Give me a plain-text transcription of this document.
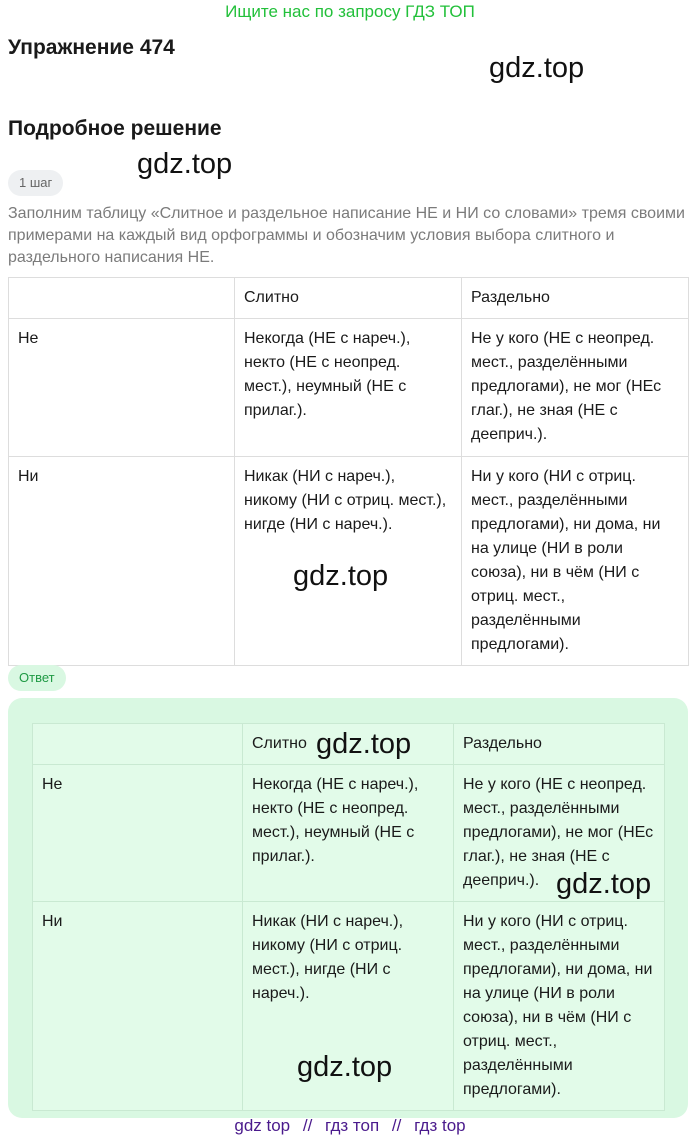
Ищите нас по запросу ГДЗ ТОП
Упражнение 474
gdz.top
Подробное решение
gdz.top
1 шаг
Заполним таблицу «Слитное и раздельное написание НЕ и НИ со словами» тремя своими примерами на каждый вид орфограммы и обозначим условия выбора слитного и раздельного написания НЕ.
	Слитно	Раздельно
Не	Некогда (НЕ с нареч.), некто (НЕ с неопред. мест.), неумный (НЕ с прилаг.).	Не у кого (НЕ с неопред. мест., разделёнными предлогами), не мог (НЕс глаг.), не зная (НЕ с дееприч.).
Ни	Никак (НИ с нареч.), никому (НИ с отриц. мест.), нигде (НИ с нареч.).	Ни у кого (НИ с отриц. мест., разделёнными предлогами), ни дома, ни на улице (НИ в роли союза), ни в чём (НИ с отриц. мест., разделёнными предлогами).
gdz.top
Ответ
	Слитно	Раздельно
Не	Некогда (НЕ с нареч.), некто (НЕ с неопред. мест.), неумный (НЕ с прилаг.).	Не у кого (НЕ с неопред. мест., разделёнными предлогами), не мог (НЕс глаг.), не зная (НЕ с дееприч.).
Ни	Никак (НИ с нареч.), никому (НИ с отриц. мест.), нигде (НИ с нареч.).	Ни у кого (НИ с отриц. мест., разделёнными предлогами), ни дома, ни на улице (НИ в роли союза), ни в чём (НИ с отриц. мест., разделёнными предлогами).
gdz.top
gdz.top
gdz.top
gdz top // гдз топ // гдз top
